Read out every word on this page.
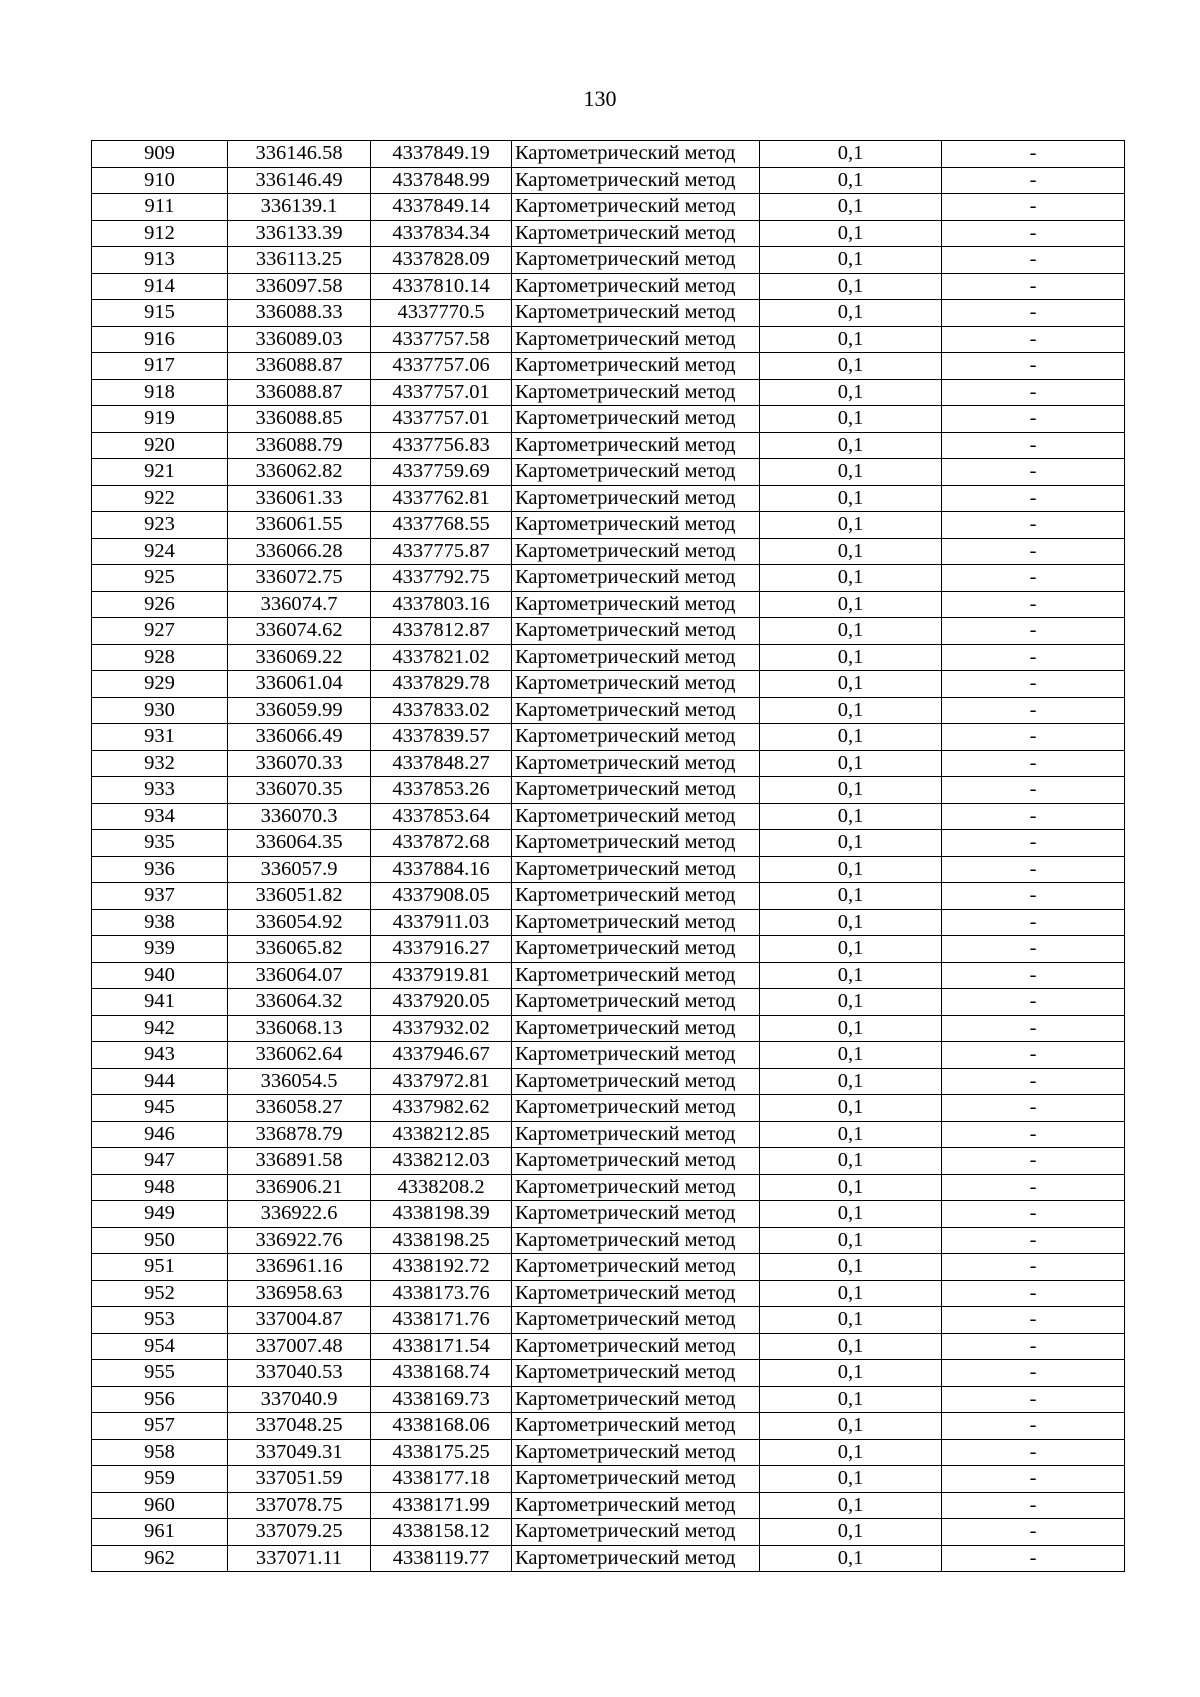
130
909	336146.58	4337849.19	Картометрический метод	0,1	-
910	336146.49	4337848.99	Картометрический метод	0,1	-
911	336139.1	4337849.14	Картометрический метод	0,1	-
912	336133.39	4337834.34	Картометрический метод	0,1	-
913	336113.25	4337828.09	Картометрический метод	0,1	-
914	336097.58	4337810.14	Картометрический метод	0,1	-
915	336088.33	4337770.5	Картометрический метод	0,1	-
916	336089.03	4337757.58	Картометрический метод	0,1	-
917	336088.87	4337757.06	Картометрический метод	0,1	-
918	336088.87	4337757.01	Картометрический метод	0,1	-
919	336088.85	4337757.01	Картометрический метод	0,1	-
920	336088.79	4337756.83	Картометрический метод	0,1	-
921	336062.82	4337759.69	Картометрический метод	0,1	-
922	336061.33	4337762.81	Картометрический метод	0,1	-
923	336061.55	4337768.55	Картометрический метод	0,1	-
924	336066.28	4337775.87	Картометрический метод	0,1	-
925	336072.75	4337792.75	Картометрический метод	0,1	-
926	336074.7	4337803.16	Картометрический метод	0,1	-
927	336074.62	4337812.87	Картометрический метод	0,1	-
928	336069.22	4337821.02	Картометрический метод	0,1	-
929	336061.04	4337829.78	Картометрический метод	0,1	-
930	336059.99	4337833.02	Картометрический метод	0,1	-
931	336066.49	4337839.57	Картометрический метод	0,1	-
932	336070.33	4337848.27	Картометрический метод	0,1	-
933	336070.35	4337853.26	Картометрический метод	0,1	-
934	336070.3	4337853.64	Картометрический метод	0,1	-
935	336064.35	4337872.68	Картометрический метод	0,1	-
936	336057.9	4337884.16	Картометрический метод	0,1	-
937	336051.82	4337908.05	Картометрический метод	0,1	-
938	336054.92	4337911.03	Картометрический метод	0,1	-
939	336065.82	4337916.27	Картометрический метод	0,1	-
940	336064.07	4337919.81	Картометрический метод	0,1	-
941	336064.32	4337920.05	Картометрический метод	0,1	-
942	336068.13	4337932.02	Картометрический метод	0,1	-
943	336062.64	4337946.67	Картометрический метод	0,1	-
944	336054.5	4337972.81	Картометрический метод	0,1	-
945	336058.27	4337982.62	Картометрический метод	0,1	-
946	336878.79	4338212.85	Картометрический метод	0,1	-
947	336891.58	4338212.03	Картометрический метод	0,1	-
948	336906.21	4338208.2	Картометрический метод	0,1	-
949	336922.6	4338198.39	Картометрический метод	0,1	-
950	336922.76	4338198.25	Картометрический метод	0,1	-
951	336961.16	4338192.72	Картометрический метод	0,1	-
952	336958.63	4338173.76	Картометрический метод	0,1	-
953	337004.87	4338171.76	Картометрический метод	0,1	-
954	337007.48	4338171.54	Картометрический метод	0,1	-
955	337040.53	4338168.74	Картометрический метод	0,1	-
956	337040.9	4338169.73	Картометрический метод	0,1	-
957	337048.25	4338168.06	Картометрический метод	0,1	-
958	337049.31	4338175.25	Картометрический метод	0,1	-
959	337051.59	4338177.18	Картометрический метод	0,1	-
960	337078.75	4338171.99	Картометрический метод	0,1	-
961	337079.25	4338158.12	Картометрический метод	0,1	-
962	337071.11	4338119.77	Картометрический метод	0,1	-
